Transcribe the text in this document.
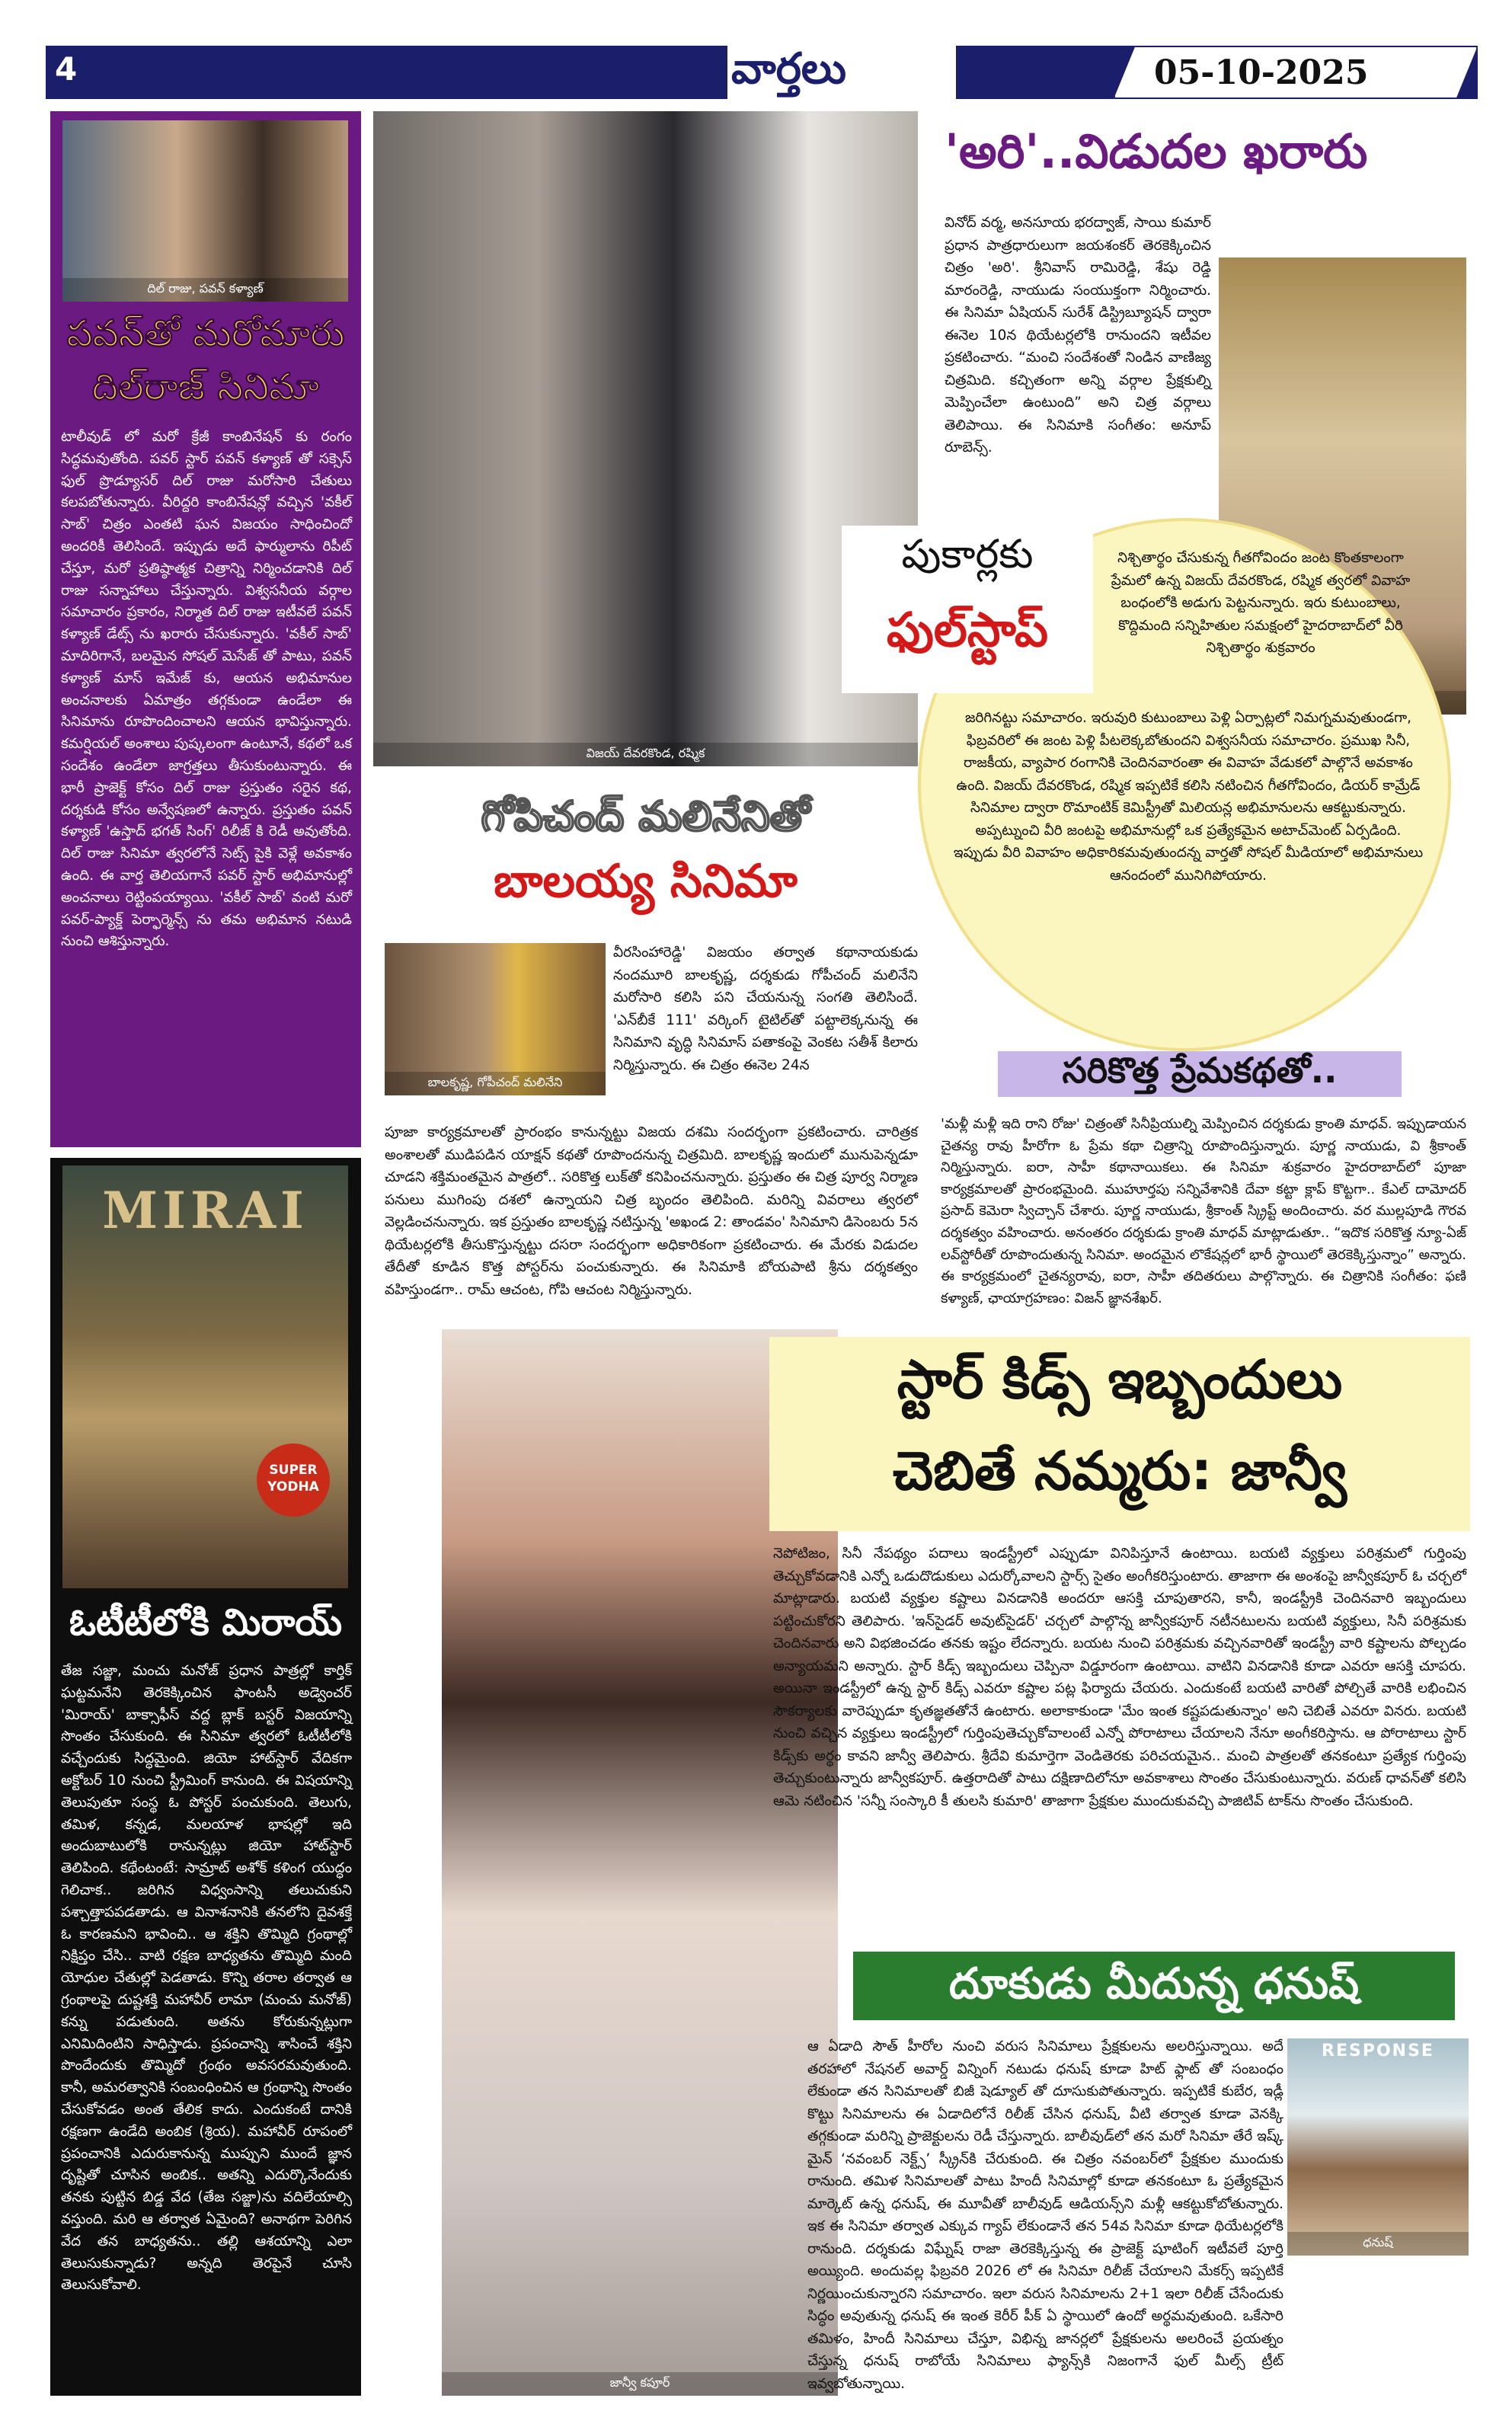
4	వార్తలు	05-10-2025
దిల్ రాజు, పవన్ కళ్యాణ్
పవన్‌తో మరోమారు
దిల్‌రాజ్ సినిమా

టాలీవుడ్ లో మరో క్రేజీ కాంబినేషన్ కు రంగం సిద్ధమవుతోంది. పవర్ స్టార్ పవన్ కళ్యాణ్ తో సక్సెస్ ఫుల్ ప్రొడ్యూసర్ దిల్ రాజు మరోసారి చేతులు కలపబోతున్నారు. వీరిద్దరి కాంబినేషన్లో వచ్చిన 'వకీల్ సాబ్' చిత్రం ఎంతటి ఘన విజయం సాధించిందో అందరికీ తెలిసిందే. ఇప్పుడు అదే ఫార్ములాను రిపీట్ చేస్తూ, మరో ప్రతిష్ఠాత్మక చిత్రాన్ని నిర్మించడానికి దిల్ రాజు సన్నాహాలు చేస్తున్నారు. విశ్వసనీయ వర్గాల సమాచారం ప్రకారం, నిర్మాత దిల్ రాజు ఇటీవలే పవన్ కళ్యాణ్ డేట్స్ ను ఖరారు చేసుకున్నారు. 'వకీల్ సాబ్' మాదిరిగానే, బలమైన సోషల్ మెసేజ్ తో పాటు, పవన్ కళ్యాణ్ మాస్ ఇమేజ్ కు, ఆయన అభిమానుల అంచనాలకు ఏమాత్రం తగ్గకుండా ఉండేలా ఈ సినిమాను రూపొందించాలని ఆయన భావిస్తున్నారు. కమర్షియల్ అంశాలు పుష్కలంగా ఉంటూనే, కథలో ఒక సందేశం ఉండేలా జాగ్రత్తలు తీసుకుంటున్నారు. ఈ భారీ ప్రాజెక్ట్ కోసం దిల్ రాజు ప్రస్తుతం సరైన కథ, దర్శకుడి కోసం అన్వేషణలో ఉన్నారు. ప్రస్తుతం పవన్ కళ్యాణ్ 'ఉస్తాద్ భగత్ సింగ్' రిలీజ్ కి రెడీ అవుతోంది. దిల్ రాజు సినిమా త్వరలోనే సెట్స్ పైకి వెళ్లే అవకాశం ఉంది. ఈ వార్త తెలియగానే పవర్ స్టార్ అభిమానుల్లో అంచనాలు రెట్టింపయ్యాయి. 'వకీల్ సాబ్' వంటి మరో పవర్-ప్యాక్డ్ పెర్ఫార్మెన్స్ ను తమ అభిమాన నటుడి నుంచి ఆశిస్తున్నారు.

MIRAI
SUPER YODHA
ఓటీటీలోకి మిరాయ్

తేజ సజ్జా, మంచు మనోజ్ ప్రధాన పాత్రల్లో కార్తిక్ ఘట్టమనేని తెరకెక్కించిన ఫాంటసీ అడ్వెంచర్ 'మిరాయ్' బాక్సాఫీస్ వద్ద బ్లాక్ బస్టర్ విజయాన్ని సొంతం చేసుకుంది. ఈ సినిమా త్వరలో ఓటీటీలోకి వచ్చేందుకు సిద్ధమైంది. జియో హాట్‌స్టార్ వేదికగా అక్టోబర్ 10 నుంచి స్ట్రీమింగ్ కానుంది. ఈ విషయాన్ని తెలుపుతూ సంస్థ ఓ పోస్టర్ పంచుకుంది. తెలుగు, తమిళ, కన్నడ, మలయాళ భాషల్లో ఇది అందుబాటులోకి రానున్నట్లు జియో హాట్‌స్టార్ తెలిపింది. కథేంటంటే: సామ్రాట్ అశోక్ కళింగ యుద్ధం గెలిచాక.. జరిగిన విధ్వంసాన్ని తలుచుకుని పశ్చాత్తాపపడతాడు. ఆ వినాశనానికి తనలోని దైవశక్తే ఓ కారణమని భావించి.. ఆ శక్తిని తొమ్మిది గ్రంథాల్లో నిక్షిప్తం చేసి.. వాటి రక్షణ బాధ్యతను తొమ్మిది మంది యోధుల చేతుల్లో పెడతాడు. కొన్ని తరాల తర్వాత ఆ గ్రంథాలపై దుష్టశక్తి మహావీర్ లామా (మంచు మనోజ్) కన్ను పడుతుంది. అతను కోరుకున్నట్లుగా ఎనిమిదింటిని సాధిస్తాడు. ప్రపంచాన్ని శాసించే శక్తిని పొందేందుకు తొమ్మిదో గ్రంథం అవసరమవుతుంది. కానీ, అమరత్వానికి సంబంధించిన ఆ గ్రంథాన్ని సొంతం చేసుకోవడం అంత తేలిక కాదు. ఎందుకంటే దానికి రక్షణగా ఉండేది అంబిక (శ్రియ). మహావీర్ రూపంలో ప్రపంచానికి ఎదురుకానున్న ముప్పుని ముందే జ్ఞాన దృష్టితో చూసిన అంబిక.. అతన్ని ఎదుర్కొనేందుకు తనకు పుట్టిన బిడ్డ వేద (తేజ సజ్జా)ను వదిలేయాల్సి వస్తుంది. మరి ఆ తర్వాత ఏమైంది? అనాథగా పెరిగిన వేద తన బాధ్యతను.. తల్లి ఆశయాన్ని ఎలా తెలుసుకున్నాడు? అన్నది తెరపైనే చూసి తెలుసుకోవాలి.

విజయ్ దేవరకొండ, రష్మిక
'అరి'..విడుదల ఖరారు

వినోద్ వర్మ, అనసూయ భరద్వాజ్, సాయి కుమార్ ప్రధాన పాత్రధారులుగా జయశంకర్ తెరకెక్కించిన చిత్రం 'అరి'. శ్రీనివాస్ రామిరెడ్డి, శేషు రెడ్డి మారంరెడ్డి, నాయుడు సంయుక్తంగా నిర్మించారు. ఈ సినిమా ఏషియన్ సురేశ్ డిస్ట్రిబ్యూషన్ ద్వారా ఈనెల 10న థియేటర్లలోకి రానుందని ఇటీవల ప్రకటించారు. “మంచి సందేశంతో నిండిన వాణిజ్య చిత్రమిది. కచ్చితంగా అన్ని వర్గాల ప్రేక్షకుల్ని మెప్పించేలా ఉంటుంది” అని చిత్ర వర్గాలు తెలిపాయి. ఈ సినిమాకి సంగీతం: అనూప్ రూబెన్స్.

పుకార్లకు
ఫుల్‌స్టాప్

నిశ్చితార్థం చేసుకున్న గీతగోవిందం జంట కొంతకాలంగా ప్రేమలో ఉన్న విజయ్ దేవరకొండ, రష్మిక త్వరలో వివాహ బంధంలోకి అడుగు పెట్టనున్నారు. ఇరు కుటుంబాలు, కొద్దిమంది సన్నిహితుల సమక్షంలో హైదరాబాద్‌లో వీరి నిశ్చితార్థం శుక్రవారం

జరిగినట్టు సమాచారం. ఇరువురి కుటుంబాలు పెళ్లి ఏర్పాట్లలో నిమగ్నమవుతుండగా, ఫిబ్రవరిలో ఈ జంట పెళ్లి పీటలెక్కబోతుందని విశ్వసనీయ సమాచారం. ప్రముఖ సినీ, రాజకీయ, వ్యాపార రంగానికి చెందినవారంతా ఈ వివాహ వేడుకలో పాల్గొనే అవకాశం ఉంది. విజయ్ దేవరకొండ, రష్మిక ఇప్పటికే కలిసి నటించిన గీతగోవిందం, డియర్ కామ్రేడ్ సినిమాల ద్వారా రొమాంటిక్ కెమిస్ట్రీతో మిలియన్ల అభిమానులను ఆకట్టుకున్నారు. అప్పట్నుంచి వీరి జంటపై అభిమానుల్లో ఒక ప్రత్యేకమైన అటాచ్‌మెంట్ ఏర్పడింది. ఇప్పుడు వీరి వివాహం అధికారికమవుతుందన్న వార్తతో సోషల్ మీడియాలో అభిమానులు ఆనందంలో మునిగిపోయారు.

గోపిచంద్ మలినేనితో
బాలయ్య సినిమా
బాలకృష్ణ, గోపీచంద్ మలినేని

వీరసింహారెడ్డి' విజయం తర్వాత కథానాయకుడు నందమూరి బాలకృష్ణ, దర్శకుడు గోపీచంద్ మలినేని మరోసారి కలిసి పని చేయనున్న సంగతి తెలిసిందే. 'ఎన్‌బీకే 111' వర్కింగ్ టైటిల్‌తో పట్టాలెక్కనున్న ఈ సినిమాని వృద్ధి సినిమాస్ పతాకంపై వెంకట సతీశ్ కిలారు నిర్మిస్తున్నారు. ఈ చిత్రం ఈనెల 24న

పూజా కార్యక్రమాలతో ప్రారంభం కానున్నట్టు విజయ దశమి సందర్భంగా ప్రకటించారు. చారిత్రక అంశాలతో ముడిపడిన యాక్షన్ కథతో రూపొందనున్న చిత్రమిది. బాలకృష్ణ ఇందులో మునుపెన్నడూ చూడని శక్తిమంతమైన పాత్రలో.. సరికొత్త లుక్‌తో కనిపించనున్నారు. ప్రస్తుతం ఈ చిత్ర పూర్వ నిర్మాణ పనులు ముగింపు దశలో ఉన్నాయని చిత్ర బృందం తెలిపింది. మరిన్ని వివరాలు త్వరలో వెల్లడించనున్నారు. ఇక ప్రస్తుతం బాలకృష్ణ నటిస్తున్న 'అఖండ 2: తాండవం' సినిమాని డిసెంబరు 5న థియేటర్లలోకి తీసుకొస్తున్నట్టు దసరా సందర్భంగా అధికారికంగా ప్రకటించారు. ఈ మేరకు విడుదల తేదీతో కూడిన కొత్త పోస్టర్‌ను పంచుకున్నారు. ఈ సినిమాకి బోయపాటి శ్రీను దర్శకత్వం వహిస్తుండగా.. రామ్ ఆచంట, గోపి ఆచంట నిర్మిస్తున్నారు.

సరికొత్త ప్రేమకథతో..

'మళ్లీ మళ్లీ ఇది రాని రోజు' చిత్రంతో సినీప్రియుల్ని మెప్పించిన దర్శకుడు క్రాంతి మాధవ్. ఇప్పుడాయన చైతన్య రావు హీరోగా ఓ ప్రేమ కథా చిత్రాన్ని రూపొందిస్తున్నారు. పూర్ణ నాయుడు, వి శ్రీకాంత్ నిర్మిస్తున్నారు. ఐరా, సాహీ కథానాయికలు. ఈ సినిమా శుక్రవారం హైదరాబాద్‌లో పూజా కార్యక్రమాలతో ప్రారంభమైంది. ముహూర్తపు సన్నివేశానికి దేవా కట్టా క్లాప్ కొట్టగా.. కేఎల్ దామోదర్ ప్రసాద్ కెమెరా స్విచ్చాన్ చేశారు. పూర్ణ నాయుడు, శ్రీకాంత్ స్క్రిప్ట్ అందించారు. వర ముల్లపూడి గౌరవ దర్శకత్వం వహించారు. అనంతరం దర్శకుడు క్రాంతి మాధవ్ మాట్లాడుతూ.. “ఇదొక సరికొత్త న్యూ-ఏజ్ లవ్‌స్టోరీతో రూపొందుతున్న సినిమా. అందమైన లొకేషన్లలో భారీ స్థాయిలో తెరకెక్కిస్తున్నాం” అన్నారు. ఈ కార్యక్రమంలో చైతన్యరావు, ఐరా, సాహీ తదితరులు పాల్గొన్నారు. ఈ చిత్రానికి సంగీతం: ఫణి కళ్యాణ్, ఛాయాగ్రహణం: విజన్ జ్ఞానశేఖర్.

జాన్వీ కపూర్
స్టార్ కిడ్స్ ఇబ్బందులు
చెబితే నమ్మరు: జాన్వీ

నెపోటిజం, సినీ నేపథ్యం పదాలు ఇండస్ట్రీలో ఎప్పుడూ వినిపిస్తూనే ఉంటాయి. బయటి వ్యక్తులు పరిశ్రమలో గుర్తింపు తెచ్చుకోవడానికి ఎన్నో ఒడుదొడుకులు ఎదుర్కోవాలని స్టార్స్ సైతం అంగీకరిస్తుంటారు. తాజాగా ఈ అంశంపై జాన్వీకపూర్ ఓ చర్చలో మాట్లాడారు. బయటి వ్యక్తుల కష్టాలు వినడానికి అందరూ ఆసక్తి చూపుతారని, కానీ, ఇండస్ట్రీకి చెందినవారి ఇబ్బందులు పట్టించుకోరని తెలిపారు. 'ఇన్‌సైడర్ అవుట్‌సైడర్' చర్చలో పాల్గొన్న జాన్వీకపూర్ నటీనటులను బయటి వ్యక్తులు, సినీ పరిశ్రమకు చెందినవారు అని విభజించడం తనకు ఇష్టం లేదన్నారు. బయట నుంచి పరిశ్రమకు వచ్చినవారితో ఇండస్ట్రీ వారి కష్టాలను పోల్చడం అన్యాయమని అన్నారు. స్టార్ కిడ్స్ ఇబ్బందులు చెప్పినా విడ్డూరంగా ఉంటాయి. వాటిని వినడానికి కూడా ఎవరూ ఆసక్తి చూపరు. అయినా ఇండస్ట్రీలో ఉన్న స్టార్ కిడ్స్ ఎవరూ కష్టాల పట్ల ఫిర్యాదు చేయరు. ఎందుకంటే బయటి వారితో పోల్చితే వారికి లభించిన సౌకర్యాలకు వారెప్పుడూ కృతజ్ఞతతోనే ఉంటారు. అలాకాకుండా 'మేం ఇంత కష్టపడుతున్నాం' అని చెబితే ఎవరూ వినరు. బయటి నుంచి వచ్చిన వ్యక్తులు ఇండస్ట్రీలో గుర్తింపుతెచ్చుకోవాలంటే ఎన్నో పోరాటాలు చేయాలని నేనూ అంగీకరిస్తాను. ఆ పోరాటాలు స్టార్ కిడ్స్‌కు అర్థం కావని జాన్వీ తెలిపారు. శ్రీదేవి కుమార్తెగా వెండితెరకు పరిచయమైన.. మంచి పాత్రలతో తనకంటూ ప్రత్యేక గుర్తింపు తెచ్చుకుంటున్నారు జాన్వీకపూర్. ఉత్తరాదితో పాటు దక్షిణాదిలోనూ అవకాశాలు సొంతం చేసుకుంటున్నారు. వరుణ్ ధావన్‌తో కలిసి ఆమె నటించిన 'సన్నీ సంస్కారి కీ తులసి కుమారి' తాజాగా ప్రేక్షకుల ముందుకువచ్చి పాజిటివ్ టాక్‌ను సొంతం చేసుకుంది.

దూకుడు మీదున్న ధనుష్

ఆ ఏడాది సౌత్ హీరోల నుంచి వరుస సినిమాలు ప్రేక్షకులను అలరిస్తున్నాయి. అదే తరహాలో నేషనల్ అవార్డ్ విన్నింగ్ నటుడు ధనుష్ కూడా హిట్ ఫ్లాట్ తో సంబంధం లేకుండా తన సినిమాలతో బిజీ షెడ్యూల్ తో దూసుకుపోతున్నారు. ఇప్పటికే కుబేర, ఇడ్లీ కొట్టు సినిమాలను ఈ ఏడాదిలోనే రిలీజ్ చేసిన ధనుష్, వీటి తర్వాత కూడా వెనక్కి తగ్గకుండా మరిన్ని ప్రాజెక్టులను రెడీ చేస్తున్నారు. బాలీవుడ్‌లో తన మరో సినిమా తేరే ఇష్క్ మైన్ ‘నవంబర్ నెక్ట్స్’ స్క్రీన్‌కి చేరుకుంది. ఈ చిత్రం నవంబర్‌లో ప్రేక్షకుల ముందుకు రానుంది. తమిళ సినిమాలతో పాటు హిందీ సినిమాల్లో కూడా తనకంటూ ఓ ప్రత్యేకమైన మార్కెట్ ఉన్న ధనుష్, ఈ మూవీతో బాలీవుడ్ ఆడియన్స్‌ని మళ్లీ ఆకట్టుకోబోతున్నారు. ఇక ఈ సినిమా తర్వాత ఎక్కువ గ్యాప్ లేకుండానే తన 54వ సినిమా కూడా థియేటర్లలోకి రానుంది. దర్శకుడు విఘ్నేష్ రాజా తెరకెక్కిస్తున్న ఈ ప్రాజెక్ట్ షూటింగ్ ఇటీవలే పూర్తి అయ్యింది. అందువల్ల ఫిబ్రవరి 2026 లో ఈ సినిమా రిలీజ్ చేయాలని మేకర్స్ ఇప్పటికే నిర్ణయించుకున్నారని సమాచారం. ఇలా వరుస సినిమాలను 2+1 ఇలా రిలీజ్ చేసేందుకు సిద్ధం అవుతున్న ధనుష్ ఈ ఇంత కెరీర్ పీక్ ఏ స్థాయిలో ఉందో అర్థమవుతుంది. ఒకేసారి తమిళం, హిందీ సినిమాలు చేస్తూ, విభిన్న జానర్లలో ప్రేక్షకులను అలరించే ప్రయత్నం చేస్తున్న ధనుష్ రాబోయే సినిమాలు ఫ్యాన్స్‌కి నిజంగానే ఫుల్ మీల్స్ ట్రీట్ ఇవ్వబోతున్నాయి.

RESPONSE
ధనుష్
